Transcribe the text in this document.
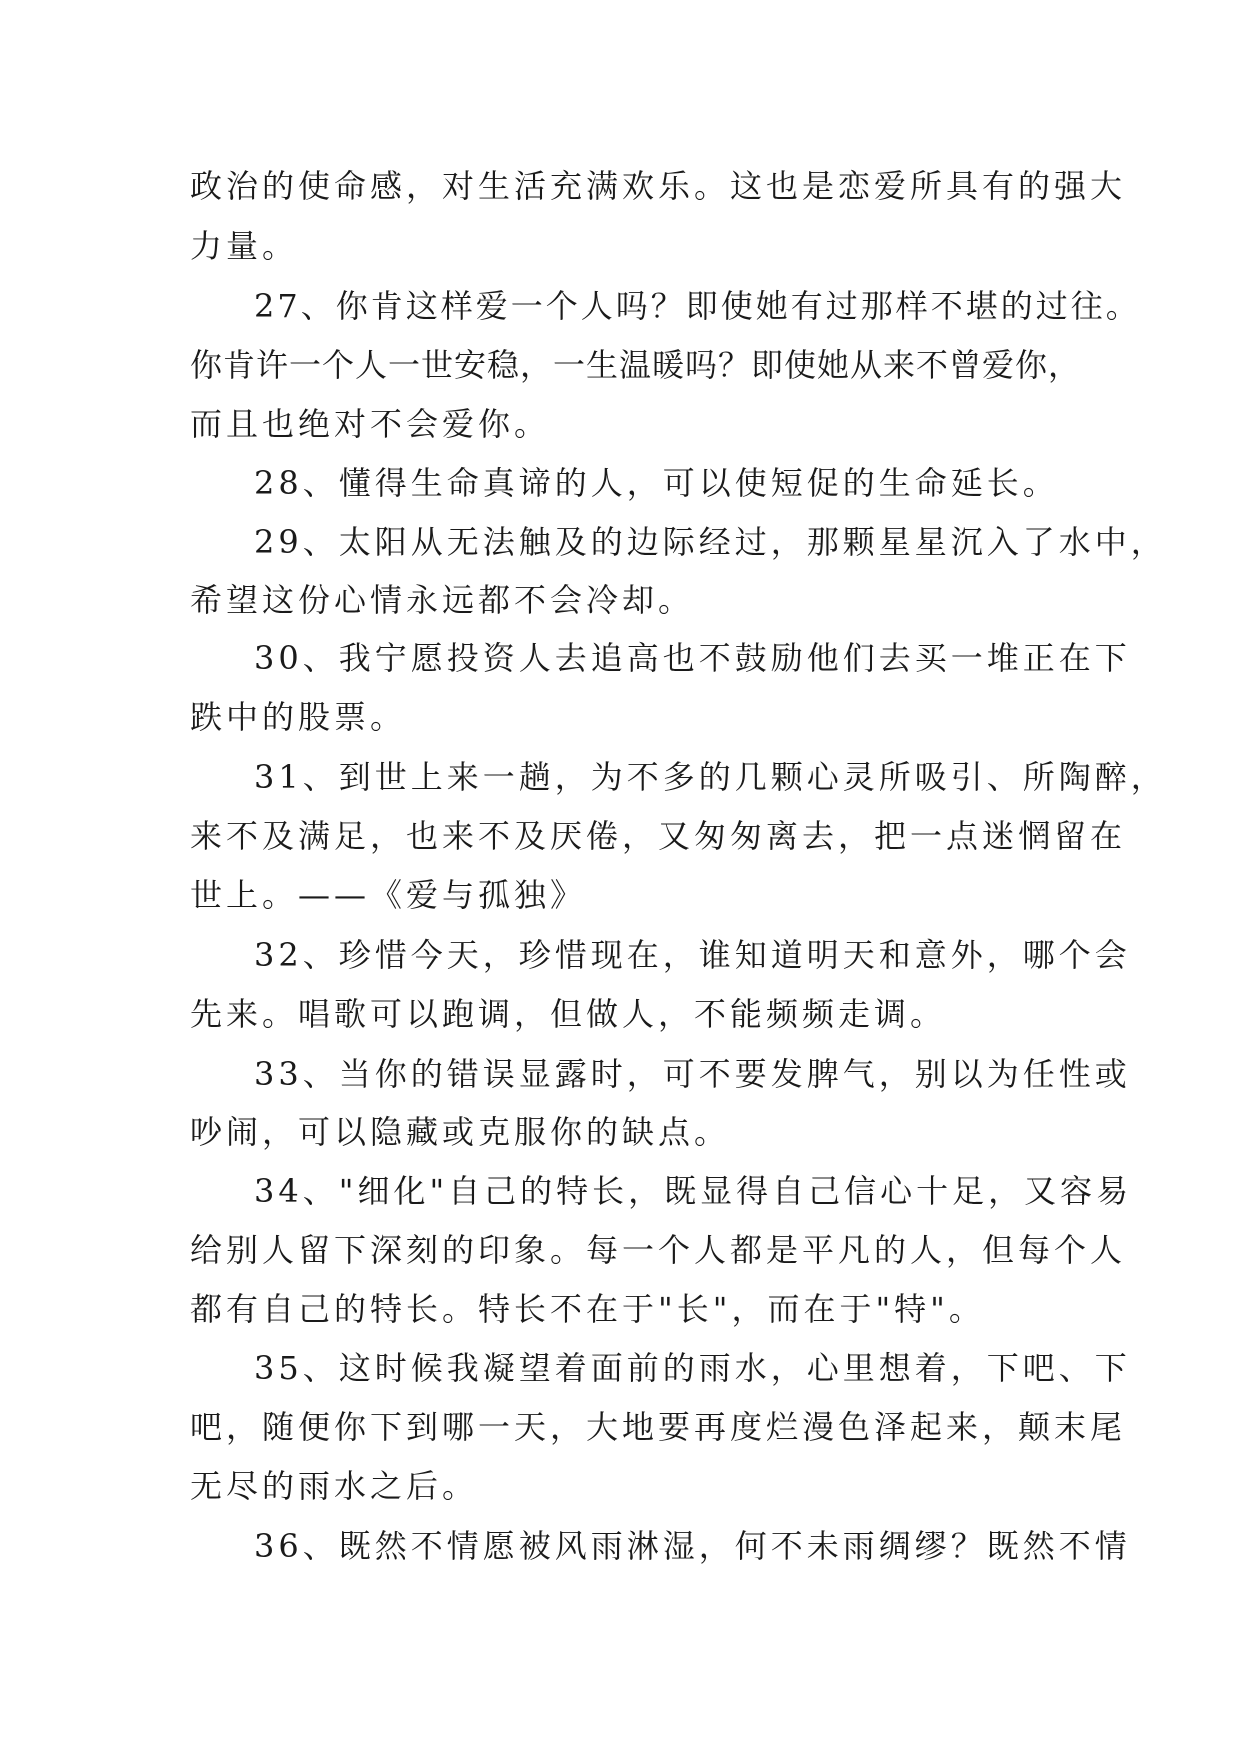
政治的使命感，对生活充满欢乐。这也是恋爱所具有的强大
力量。
27、你肯这样爱一个人吗？即使她有过那样不堪的过往。
你肯许一个人一世安稳，一生温暖吗？即使她从来不曾爱你，
而且也绝对不会爱你。
28、懂得生命真谛的人，可以使短促的生命延长。
29、太阳从无法触及的边际经过，那颗星星沉入了水中，
希望这份心情永远都不会冷却。
30、我宁愿投资人去追高也不鼓励他们去买一堆正在下
跌中的股票。
31、到世上来一趟，为不多的几颗心灵所吸引、所陶醉，
来不及满足，也来不及厌倦，又匆匆离去，把一点迷惘留在
世上。——《爱与孤独》
32、珍惜今天，珍惜现在，谁知道明天和意外，哪个会
先来。唱歌可以跑调，但做人，不能频频走调。
33、当你的错误显露时，可不要发脾气，别以为任性或
吵闹，可以隐藏或克服你的缺点。
34、"细化"自己的特长，既显得自己信心十足，又容易
给别人留下深刻的印象。每一个人都是平凡的人，但每个人
都有自己的特长。特长不在于"长"，而在于"特"。
35、这时候我凝望着面前的雨水，心里想着，下吧、下
吧，随便你下到哪一天，大地要再度烂漫色泽起来，颠末尾
无尽的雨水之后。
36、既然不情愿被风雨淋湿，何不未雨绸缪？既然不情
